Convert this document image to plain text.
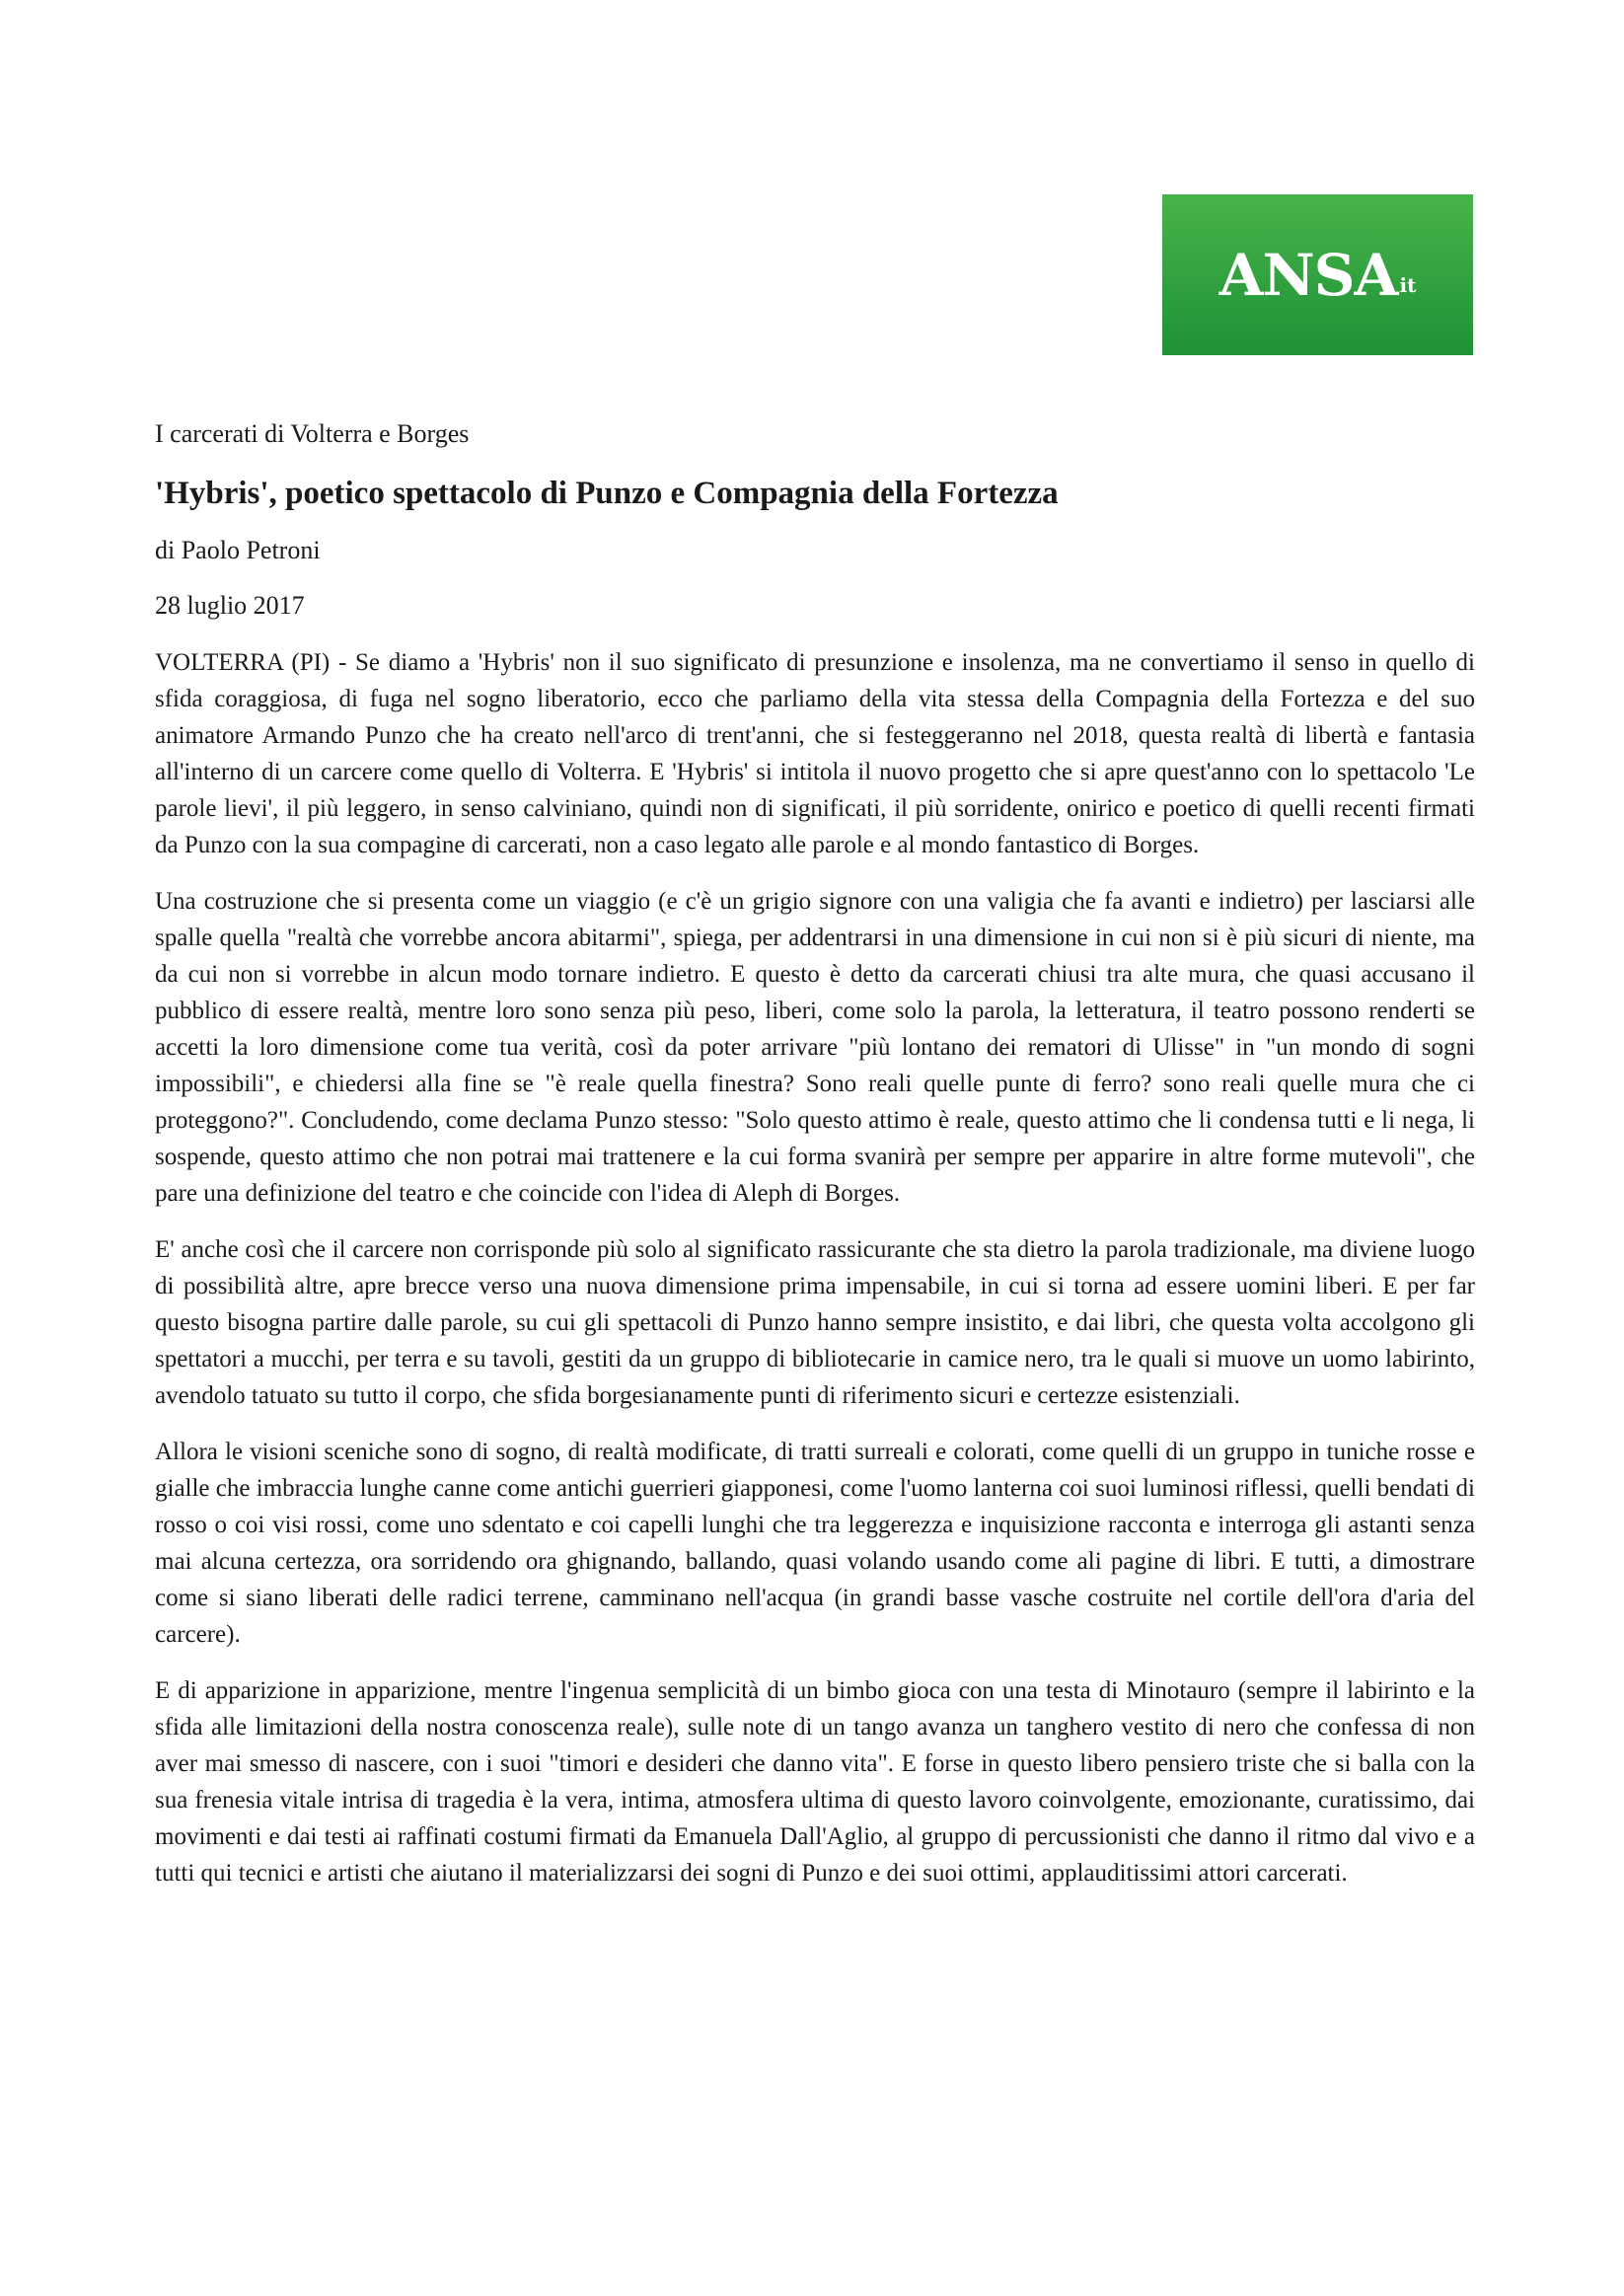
ANSA it

I carcerati di Volterra e Borges

'Hybris', poetico spettacolo di Punzo e Compagnia della Fortezza

di Paolo Petroni

28 luglio 2017

VOLTERRA (PI) - Se diamo a 'Hybris' non il suo significato di presunzione e insolenza, ma ne convertiamo il senso in quello di sfida coraggiosa, di fuga nel sogno liberatorio, ecco che parliamo della vita stessa della Compagnia della Fortezza e del suo animatore Armando Punzo che ha creato nell'arco di trent'anni, che si festeggeranno nel 2018, questa realtà di libertà e fantasia all'interno di un carcere come quello di Volterra. E 'Hybris' si intitola il nuovo progetto che si apre quest'anno con lo spettacolo 'Le parole lievi', il più leggero, in senso calviniano, quindi non di significati, il più sorridente, onirico e poetico di quelli recenti firmati da Punzo con la sua compagine di carcerati, non a caso legato alle parole e al mondo fantastico di Borges.

Una costruzione che si presenta come un viaggio (e c'è un grigio signore con una valigia che fa avanti e indietro) per lasciarsi alle spalle quella "realtà che vorrebbe ancora abitarmi", spiega, per addentrarsi in una dimensione in cui non si è più sicuri di niente, ma da cui non si vorrebbe in alcun modo tornare indietro. E questo è detto da carcerati chiusi tra alte mura, che quasi accusano il pubblico di essere realtà, mentre loro sono senza più peso, liberi, come solo la parola, la letteratura, il teatro possono renderti se accetti la loro dimensione come tua verità, così da poter arrivare "più lontano dei rematori di Ulisse" in "un mondo di sogni impossibili", e chiedersi alla fine se "è reale quella finestra? Sono reali quelle punte di ferro? sono reali quelle mura che ci proteggono?". Concludendo, come declama Punzo stesso: "Solo questo attimo è reale, questo attimo che li condensa tutti e li nega, li sospende, questo attimo che non potrai mai trattenere e la cui forma svanirà per sempre per apparire in altre forme mutevoli", che pare una definizione del teatro e che coincide con l'idea di Aleph di Borges.

E' anche così che il carcere non corrisponde più solo al significato rassicurante che sta dietro la parola tradizionale, ma diviene luogo di possibilità altre, apre brecce verso una nuova dimensione prima impensabile, in cui si torna ad essere uomini liberi. E per far questo bisogna partire dalle parole, su cui gli spettacoli di Punzo hanno sempre insistito, e dai libri, che questa volta accolgono gli spettatori a mucchi, per terra e su tavoli, gestiti da un gruppo di bibliotecarie in camice nero, tra le quali si muove un uomo labirinto, avendolo tatuato su tutto il corpo, che sfida borgesianamente punti di riferimento sicuri e certezze esistenziali.

Allora le visioni sceniche sono di sogno, di realtà modificate, di tratti surreali e colorati, come quelli di un gruppo in tuniche rosse e gialle che imbraccia lunghe canne come antichi guerrieri giapponesi, come l'uomo lanterna coi suoi luminosi riflessi, quelli bendati di rosso o coi visi rossi, come uno sdentato e coi capelli lunghi che tra leggerezza e inquisizione racconta e interroga gli astanti senza mai alcuna certezza, ora sorridendo ora ghignando, ballando, quasi volando usando come ali pagine di libri. E tutti, a dimostrare come si siano liberati delle radici terrene, camminano nell'acqua (in grandi basse vasche costruite nel cortile dell'ora d'aria del carcere).

E di apparizione in apparizione, mentre l'ingenua semplicità di un bimbo gioca con una testa di Minotauro (sempre il labirinto e la sfida alle limitazioni della nostra conoscenza reale), sulle note di un tango avanza un tanghero vestito di nero che confessa di non aver mai smesso di nascere, con i suoi "timori e desideri che danno vita". E forse in questo libero pensiero triste che si balla con la sua frenesia vitale intrisa di tragedia è la vera, intima, atmosfera ultima di questo lavoro coinvolgente, emozionante, curatissimo, dai movimenti e dai testi ai raffinati costumi firmati da Emanuela Dall'Aglio, al gruppo di percussionisti che danno il ritmo dal vivo e a tutti qui tecnici e artisti che aiutano il materializzarsi dei sogni di Punzo e dei suoi ottimi, applauditissimi attori carcerati.
